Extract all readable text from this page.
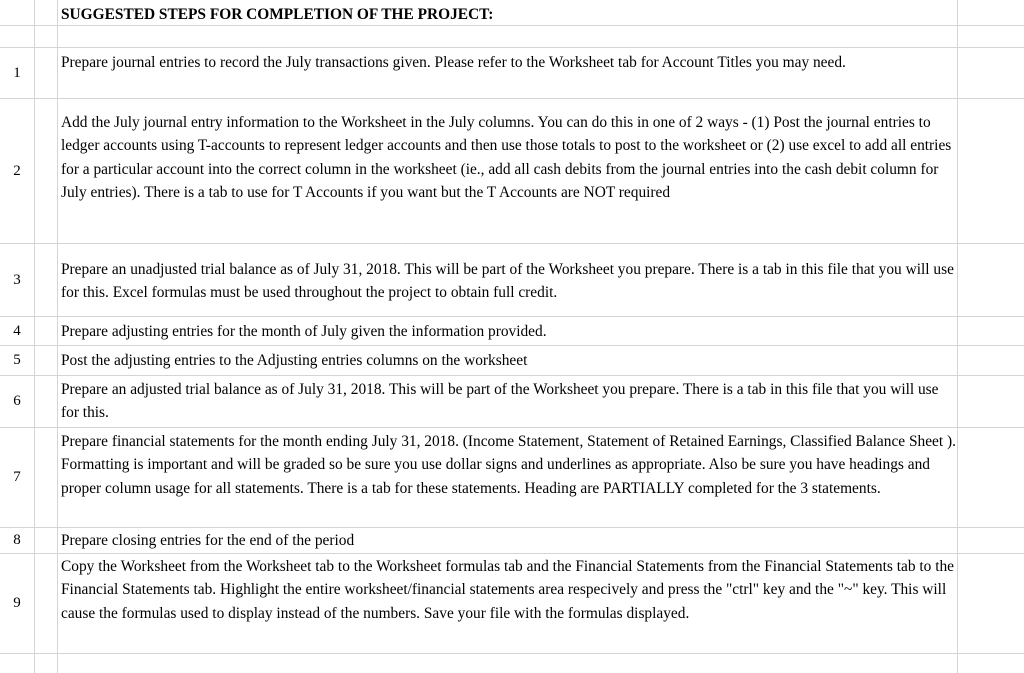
SUGGESTED STEPS FOR COMPLETION OF THE PROJECT:
1
Prepare journal entries to record the July transactions given. Please refer to the Worksheet tab for Account Titles you may need.
2
Add the July journal entry information to the Worksheet in the July columns. You can do this in one of 2 ways - (1) Post the journal entries to ledger accounts using T-accounts to represent ledger accounts and then use those totals to post to the worksheet or (2) use excel to add all entries for a particular account into the correct column in the worksheet (ie., add all cash debits from the journal entries into the cash debit column for July entries). There is a tab to use for T Accounts if you want but the T Accounts are NOT required
3
Prepare an unadjusted trial balance as of July 31, 2018. This will be part of the Worksheet you prepare. There is a tab in this file that you will use for this. Excel formulas must be used throughout the project to obtain full credit.
4	Prepare adjusting entries for the month of July given the information provided.
5	Post the adjusting entries to the Adjusting entries columns on the worksheet
6
Prepare an adjusted trial balance as of July 31, 2018. This will be part of the Worksheet you prepare. There is a tab in this file that you will use for this.
7
Prepare financial statements for the month ending July 31, 2018. (Income Statement, Statement of Retained Earnings, Classified Balance Sheet ). Formatting is important and will be graded so be sure you use dollar signs and underlines as appropriate. Also be sure you have headings and proper column usage for all statements. There is a tab for these statements. Heading are PARTIALLY completed for the 3 statements.
8	Prepare closing entries for the end of the period
9
Copy the Worksheet from the Worksheet tab to the Worksheet formulas tab and the Financial Statements from the Financial Statements tab to the Financial Statements tab. Highlight the entire worksheet/financial statements area respecively and press the "ctrl" key and the "~" key. This will cause the formulas used to display instead of the numbers. Save your file with the formulas displayed.
